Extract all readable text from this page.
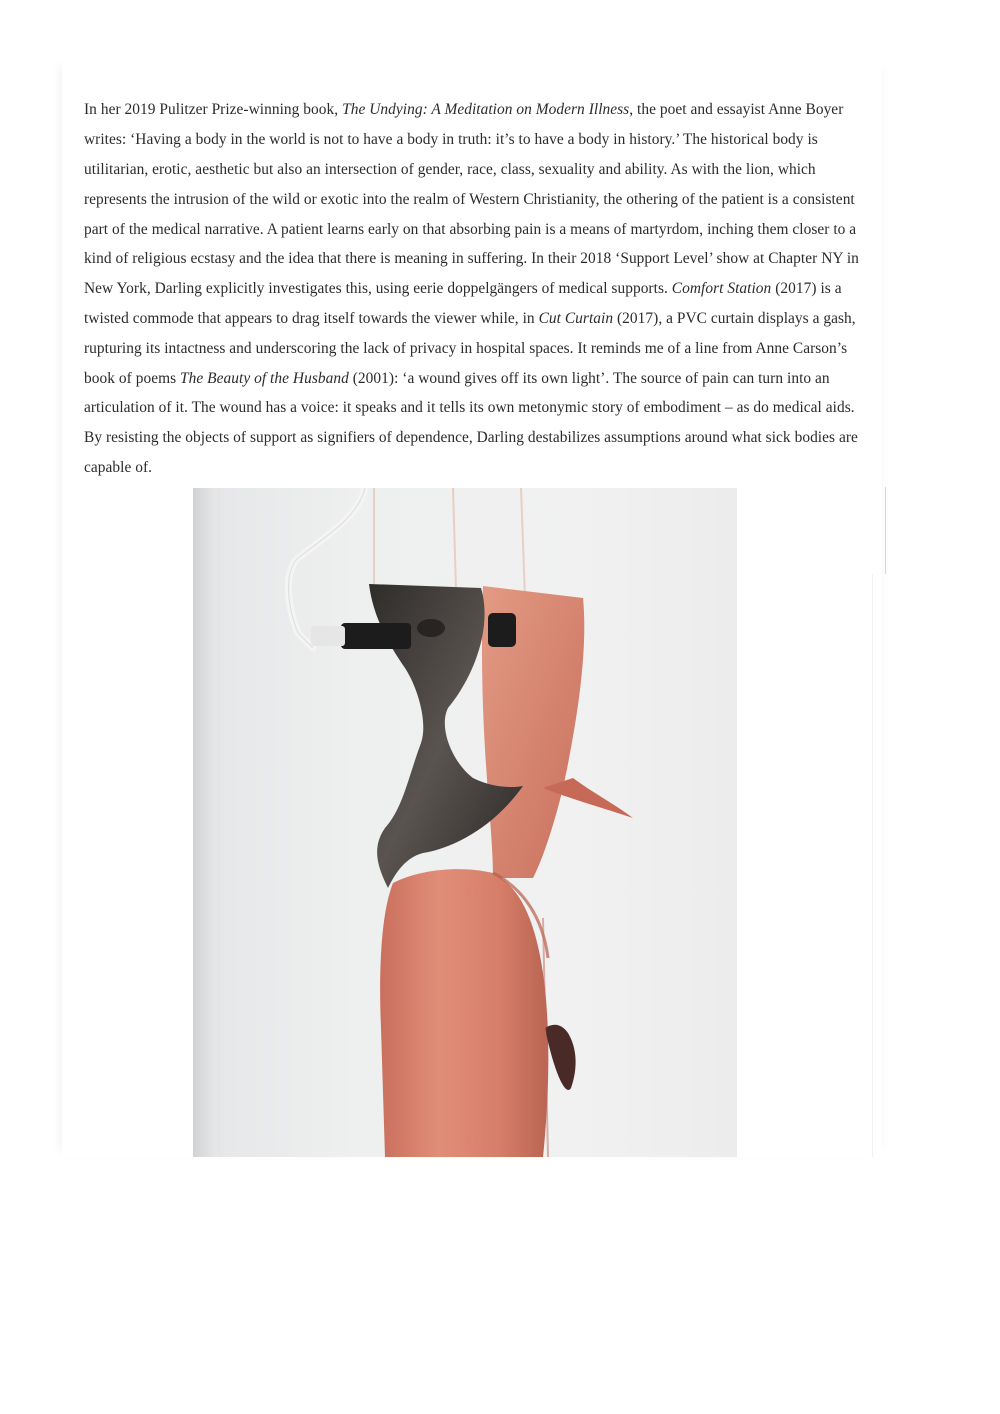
In her 2019 Pulitzer Prize-winning book, The Undying: A Meditation on Modern Illness, the poet and essayist Anne Boyer writes: ‘Having a body in the world is not to have a body in truth: it’s to have a body in history.’ The historical body is utilitarian, erotic, aesthetic but also an intersection of gender, race, class, sexuality and ability. As with the lion, which represents the intrusion of the wild or exotic into the realm of Western Christianity, the othering of the patient is a consistent part of the medical narrative. A patient learns early on that absorbing pain is a means of martyrdom, inching them closer to a kind of religious ecstasy and the idea that there is meaning in suffering. In their 2018 ‘Support Level’ show at Chapter NY in New York, Darling explicitly investigates this, using eerie doppelgängers of medical supports. Comfort Station (2017) is a twisted commode that appears to drag itself towards the viewer while, in Cut Curtain (2017), a PVC curtain displays a gash, rupturing its intactness and underscoring the lack of privacy in hospital spaces. It reminds me of a line from Anne Carson’s book of poems The Beauty of the Husband (2001): ‘a wound gives off its own light’. The source of pain can turn into an articulation of it. The wound has a voice: it speaks and it tells its own metonymic story of embodiment – as do medical aids. By resisting the objects of support as signifiers of dependence, Darling destabilizes assumptions around what sick bodies are capable of.
